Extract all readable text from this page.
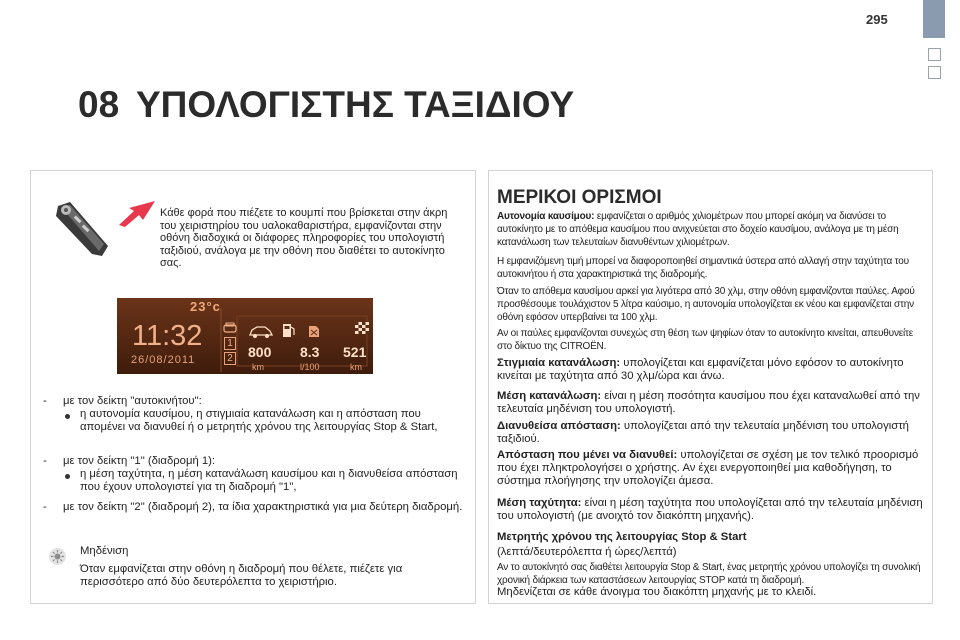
295
08 ΥΠΟΛΟΓΙΣΤΗΣ ΤΑΞΙΔΙΟΥ
Κάθε φορά που πιέζετε το κουμπί που βρίσκεται στην άκρη του χειριστηρίου του υαλοκαθαριστήρα, εμφανίζονται στην οθόνη διαδοχικά οι διάφορες πληροφορίες του υπολογιστή ταξιδιού, ανάλογα με την οθόνη που διαθέτει το αυτοκίνητο σας.
23°c
11:32
26/08/2011
1
2 800
km
8.3
l/100
521
km
- με τον δείκτη "αυτοκινήτου":
η αυτονομία καυσίμου, η στιγμιαία κατανάλωση και η απόσταση που απομένει να διανυθεί ή ο μετρητής χρόνου της λειτουργίας Stop & Start,
- με τον δείκτη "1" (διαδρομή 1):
η μέση ταχύτητα, η μέση κατανάλωση καυσίμου και η διανυθείσα απόσταση που έχουν υπολογιστεί για τη διαδρομή "1",
- με τον δείκτη "2" (διαδρομή 2), τα ίδια χαρακτηριστικά για μια δεύτερη διαδρομή.
Μηδένιση
Όταν εμφανίζεται στην οθόνη η διαδρομή που θέλετε, πιέζετε για περισσότερο από δύο δευτερόλεπτα το χειριστήριο.
ΜΕΡΙΚΟΙ ΟΡΙΣΜΟΙ
Αυτονομία καυσίμου: εμφανίζεται ο αριθμός χιλιομέτρων που μπορεί ακόμη να διανύσει το αυτοκίνητο με το απόθεμα καυσίμου που ανιχνεύεται στο δοχείο καυσίμου, ανάλογα με τη μέση κατανάλωση των τελευταίων διανυθέντων χιλιομέτρων.
Η εμφανιζόμενη τιμή μπορεί να διαφοροποιηθεί σημαντικά ύστερα από αλλαγή στην ταχύτητα του αυτοκινήτου ή στα χαρακτηριστικά της διαδρομής.
Όταν το απόθεμα καυσίμου αρκεί για λιγότερα από 30 χλμ, στην οθόνη εμφανίζονται παύλες. Αφού προσθέσουμε τουλάχιστον 5 λίτρα καύσιμο, η αυτονομία υπολογίζεται εκ νέου και εμφανίζεται στην οθόνη εφόσον υπερβαίνει τα 100 χλμ.
Αν οι παύλες εμφανίζονται συνεχώς στη θέση των ψηφίων όταν το αυτοκίνητο κινείται, απευθυνείτε στο δίκτυο της CITROËN.
Στιγμιαία κατανάλωση: υπολογίζεται και εμφανίζεται μόνο εφόσον το αυτοκίνητο κινείται με ταχύτητα από 30 χλμ/ώρα και άνω.
Μέση κατανάλωση: είναι η μέση ποσότητα καυσίμου που έχει καταναλωθεί από την τελευταία μηδένιση του υπολογιστή.
Διανυθείσα απόσταση: υπολογίζεται από την τελευταία μηδένιση του υπολογιστή ταξιδιού.
Απόσταση που μένει να διανυθεί: υπολογίζεται σε σχέση με τον τελικό προορισμό που έχει πληκτρολογήσει ο χρήστης. Αν έχει ενεργοποιηθεί μια καθοδήγηση, το σύστημα πλοήγησης την υπολογίζει άμεσα.
Μέση ταχύτητα: είναι η μέση ταχύτητα που υπολογίζεται από την τελευταία μηδένιση του υπολογιστή (με ανοιχτό τον διακόπτη μηχανής).
Μετρητής χρόνου της λειτουργίας Stop & Start
(λεπτά/δευτερόλεπτα ή ώρες/λεπτά)
Αν το αυτοκίνητό σας διαθέτει λειτουργία Stop & Start, ένας μετρητής χρόνου υπολογίζει τη συνολική χρονική διάρκεια των καταστάσεων λειτουργίας STOP κατά τη διαδρομή.
Μηδενίζεται σε κάθε άνοιγμα του διακόπτη μηχανής με το κλειδί.
